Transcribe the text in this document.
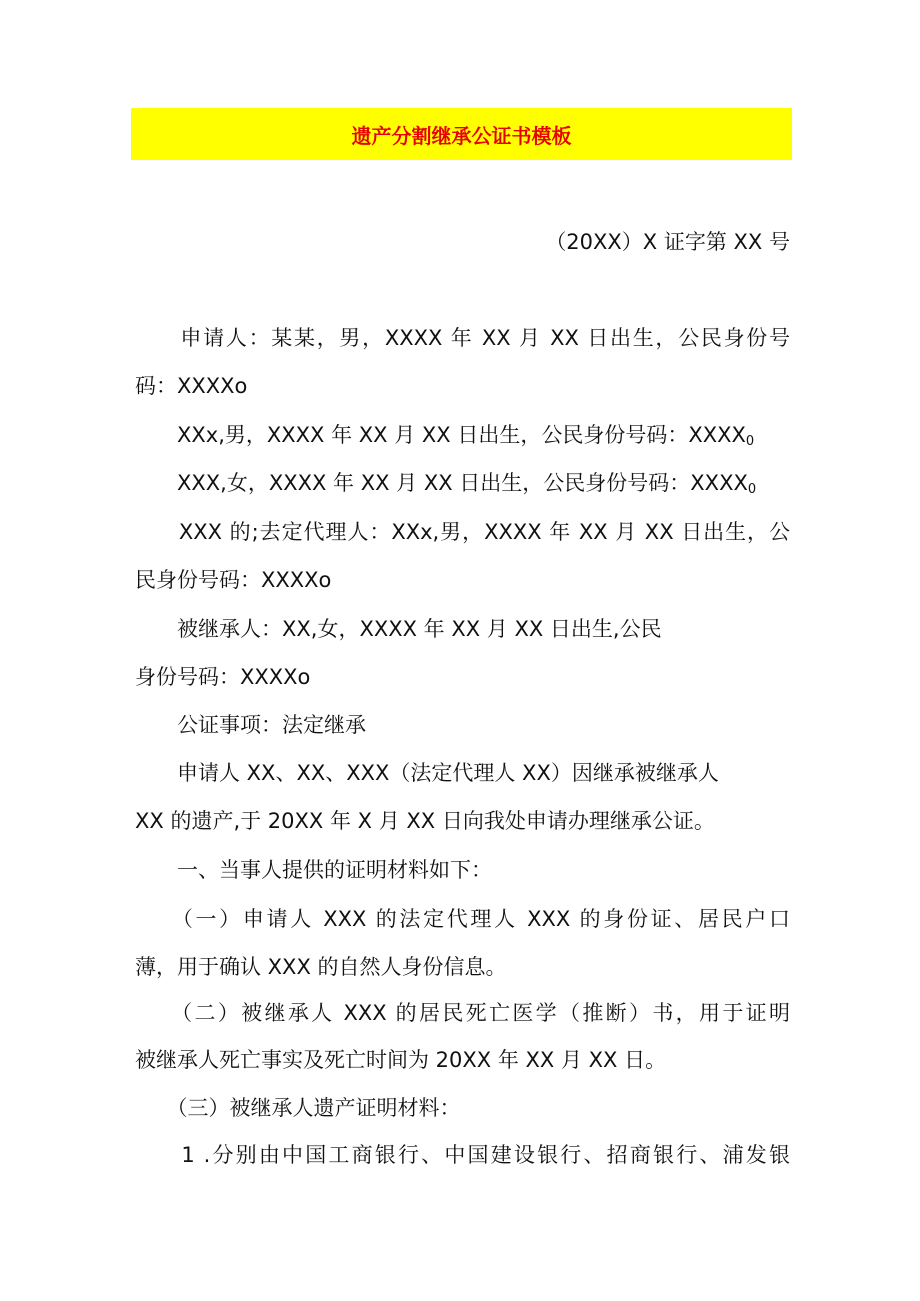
遗产分割继承公证书模板
（20XX）X 证字第 XX 号
　　申请人：某某，男，XXXX 年 XX 月 XX 日出生，公民身份号
码：XXXXo
　　XXx,男，XXXX 年 XX 月 XX 日出生，公民身份号码：XXXX0
　　XXX,女，XXXX 年 XX 月 XX 日出生，公民身份号码：XXXX0
　　XXX 的;去定代理人：XXx,男，XXXX 年 XX 月 XX 日出生，公
民身份号码：XXXXo
　　被继承人：XX,女，XXXX 年 XX 月 XX 日出生,公民
身份号码：XXXXo
　　公证事项：法定继承
　　申请人 XX、XX、XXX（法定代理人 XX）因继承被继承人
XX 的遗产,于 20XX 年 X 月 XX 日向我处申请办理继承公证。
　　一、当事人提供的证明材料如下：
　　（一）申请人 XXX 的法定代理人 XXX 的身份证、居民户口
薄，用于确认 XXX 的自然人身份信息。
　　（二）被继承人 XXX 的居民死亡医学（推断）书，用于证明
被继承人死亡事实及死亡时间为 20XX 年 XX 月 XX 日。
　　（三）被继承人遗产证明材料：
　　1 .分别由中国工商银行、中国建设银行、招商银行、浦发银
